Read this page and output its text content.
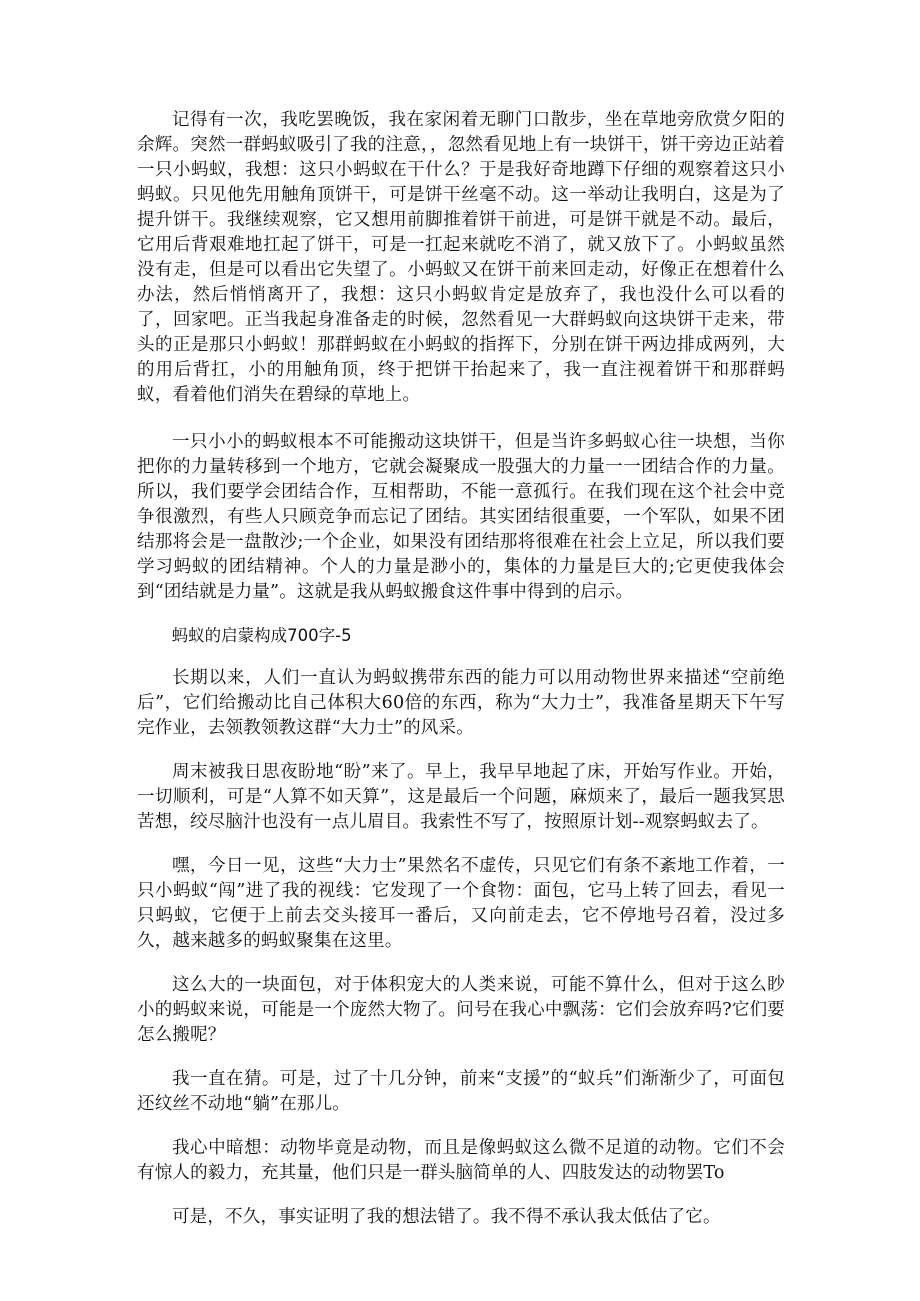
记得有一次，我吃罢晚饭，我在家闲着无聊门口散步，坐在草地旁欣赏夕阳的余辉。突然一群蚂蚁吸引了我的注意，，忽然看见地上有一块饼干，饼干旁边正站着一只小蚂蚁，我想：这只小蚂蚁在干什么？于是我好奇地蹲下仔细的观察着这只小蚂蚁。只见他先用触角顶饼干，可是饼干丝毫不动。这一举动让我明白，这是为了提升饼干。我继续观察，它又想用前脚推着饼干前进，可是饼干就是不动。最后，它用后背艰难地扛起了饼干，可是一扛起来就吃不消了，就又放下了。小蚂蚁虽然没有走，但是可以看出它失望了。小蚂蚁又在饼干前来回走动，好像正在想着什么办法，然后悄悄离开了，我想：这只小蚂蚁肯定是放弃了，我也没什么可以看的了，回家吧。正当我起身准备走的时候，忽然看见一大群蚂蚁向这块饼干走来，带头的正是那只小蚂蚁！那群蚂蚁在小蚂蚁的指挥下，分别在饼干两边排成两列，大的用后背扛，小的用触角顶，终于把饼干抬起来了，我一直注视着饼干和那群蚂蚁，看着他们消失在碧绿的草地上。

一只小小的蚂蚁根本不可能搬动这块饼干，但是当许多蚂蚁心往一块想，当你把你的力量转移到一个地方，它就会凝聚成一股强大的力量一一团结合作的力量。所以，我们要学会团结合作，互相帮助，不能一意孤行。在我们现在这个社会中竞争很激烈，有些人只顾竞争而忘记了团结。其实团结很重要，一个军队，如果不团结那将会是一盘散沙;一个企业，如果没有团结那将很难在社会上立足，所以我们要学习蚂蚁的团结精神。个人的力量是渺小的，集体的力量是巨大的;它更使我体会到“团结就是力量”。这就是我从蚂蚁搬食这件事中得到的启示。

蚂蚁的启蒙构成700字-5

长期以来，人们一直认为蚂蚁携带东西的能力可以用动物世界来描述“空前绝后”，它们给搬动比自己体积大60倍的东西，称为“大力士”，我准备星期天下午写完作业，去领教领教这群“大力士”的风采。

周末被我日思夜盼地“盼”来了。早上，我早早地起了床，开始写作业。开始，一切顺利，可是“人算不如天算”，这是最后一个问题，麻烦来了，最后一题我冥思苦想，绞尽脑汁也没有一点儿眉目。我索性不写了，按照原计划--观察蚂蚁去了。

嘿，今日一见，这些“大力士”果然名不虚传，只见它们有条不紊地工作着，一只小蚂蚁“闯”进了我的视线：它发现了一个食物：面包，它马上转了回去，看见一只蚂蚁，它便于上前去交头接耳一番后，又向前走去，它不停地号召着，没过多久，越来越多的蚂蚁聚集在这里。

这么大的一块面包，对于体积宠大的人类来说，可能不算什么，但对于这么眇小的蚂蚁来说，可能是一个庞然大物了。问号在我心中飘荡：它们会放弃吗?它们要怎么搬呢？

我一直在猜。可是，过了十几分钟，前来“支援”的“蚁兵”们渐渐少了，可面包还纹丝不动地“躺”在那儿。

我心中暗想：动物毕竟是动物，而且是像蚂蚁这么微不足道的动物。它们不会有惊人的毅力，充其量，他们只是一群头脑简单的人、四肢发达的动物罢To

可是，不久，事实证明了我的想法错了。我不得不承认我太低估了它。
